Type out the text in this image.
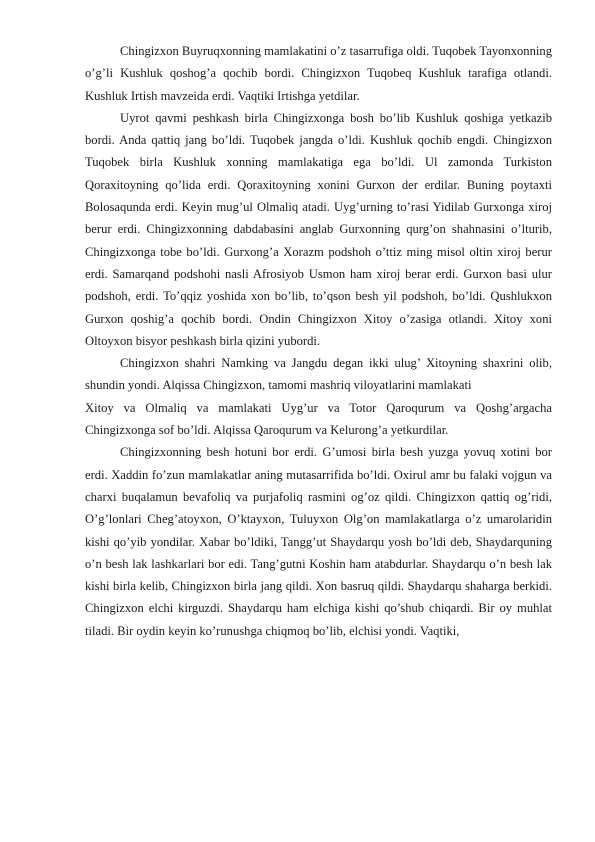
Chingizxon Buyruqxonning mamlakatini o’z tasarrufiga oldi. Tuqobek Tayonxonning o’g’li Kushluk qoshog’a qochib bordi. Chingizxon Tuqobeq Kushluk tarafiga otlandi. Kushluk Irtish mavzeida erdi. Vaqtiki Irtishga yetdilar.

Uyrot qavmi peshkash birla Chingizxonga bosh bo’lib Kushluk qoshiga yetkazib bordi. Anda qattiq jang bo’ldi. Tuqobek jangda o’ldi. Kushluk qochib engdi. Chingizxon Tuqobek birla Kushluk xonning mamlakatiga ega bo’ldi. Ul zamonda Turkiston Qoraxitoyning qo’lida erdi. Qoraxitoyning xonini Gurxon der erdilar. Buning poytaxti Bolosaqunda erdi. Keyin mug’ul Olmaliq atadi. Uyg’urning to’rasi Yidilab Gurxonga xiroj berur erdi. Chingizxonning dabdabasini anglab Gurxonning qurg’on shahnasini o’lturib, Chingizxonga tobe bo’ldi. Gurxong’a Xorazm podshoh o’ttiz ming misol oltin xiroj berur erdi. Samarqand podshohi nasli Afrosiyob Usmon ham xiroj berar erdi. Gurxon basi ulur podshoh, erdi. To’qqiz yoshida xon bo’lib, to’qson besh yil podshoh, bo’ldi. Qushlukxon Gurxon qoshig’a qochib bordi. Ondin Chingizxon Xitoy o’zasiga otlandi. Xitoy xoni Oltoyxon bisyor peshkash birla qizini yubordi.

Chingizxon shahri Namking va Jangdu degan ikki ulug’ Xitoyning shaxrini olib, shundin yondi. Alqissa Chingizxon, tamomi mashriq viloyatlarini mamlakati

Xitoy va Olmaliq va mamlakati Uyg’ur va Totor Qaroqurum va Qoshg’argacha Chingizxonga sof bo’ldi. Alqissa Qaroqurum va Kelurong’a yetkurdilar.

Chingizxonning besh hotuni bor erdi. G’umosi birla besh yuzga yovuq xotini bor erdi. Xaddin fo’zun mamlakatlar aning mutasarrifida bo’ldi. Oxirul amr bu falaki vojgun va charxi buqalamun bevafoliq va purjafoliq rasmini og’oz qildi. Chingizxon qattiq og’ridi, O’g’lonlari Cheg’atoyxon, O’ktayxon, Tuluyxon Olg’on mamlakatlarga o’z umarolaridin kishi qo’yib yondilar. Xabar bo’ldiki, Tangg’ut Shaydarqu yosh bo’ldi deb, Shaydarquning o’n besh lak lashkarlari bor edi. Tang’gutni Koshin ham atabdurlar. Shaydarqu o’n besh lak kishi birla kelib, Chingizxon birla jang qildi. Xon basruq qildi. Shaydarqu shaharga berkidi. Chingizxon elchi kirguzdi. Shaydarqu ham elchiga kishi qo’shub chiqardi. Bir oy muhlat tiladi. Bir oydin keyin ko’runushga chiqmoq bo’lib, elchisi yondi. Vaqtiki,
